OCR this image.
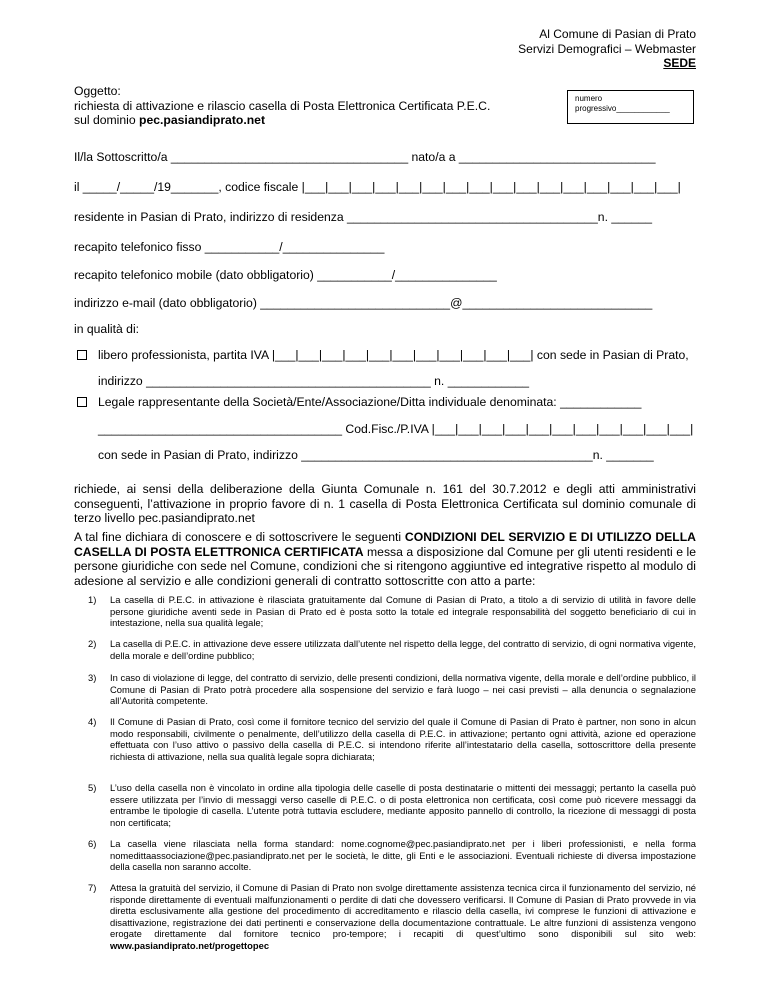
Al Comune di Pasian di Prato
Servizi Demografici – Webmaster
SEDE
Oggetto:
richiesta di attivazione e rilascio casella di Posta Elettronica Certificata P.E.C.
sul dominio pec.pasiandiprato.net
numero
progressivo____________
Il/la Sottoscritto/a ___________________________________ nato/a a _____________________________
il _____/_____/19_______, codice fiscale |___|___|___|___|___|___|___|___|___|___|___|___|___|___|___|___|
residente in Pasian di Prato, indirizzo di residenza _____________________________________n. ______
recapito telefonico fisso ___________/_______________
recapito telefonico mobile (dato obbligatorio) ___________/_______________
indirizzo e-mail (dato obbligatorio) ____________________________@____________________________
in qualità di:
libero professionista, partita IVA |___|___|___|___|___|___|___|___|___|___|___| con sede in Pasian di Prato,
indirizzo __________________________________________ n. ____________
Legale rappresentante della Società/Ente/Associazione/Ditta individuale denominata: ____________
____________________________________ Cod.Fisc./P.IVA |___|___|___|___|___|___|___|___|___|___|___|
con sede in Pasian di Prato, indirizzo ___________________________________________n. _______
richiede, ai sensi della deliberazione della Giunta Comunale n. 161 del 30.7.2012 e degli atti amministrativi conseguenti, l’attivazione in proprio favore di n. 1 casella di Posta Elettronica Certificata sul dominio comunale di terzo livello pec.pasiandiprato.net
A tal fine dichiara di conoscere e di sottoscrivere le seguenti CONDIZIONI DEL SERVIZIO E DI UTILIZZO DELLA CASELLA DI POSTA ELETTRONICA CERTIFICATA messa a disposizione dal Comune per gli utenti residenti e le persone giuridiche con sede nel Comune, condizioni che si ritengono aggiuntive ed integrative rispetto al modulo di adesione al servizio e alle condizioni generali di contratto sottoscritte con atto a parte:
1) La casella di P.E.C. in attivazione è rilasciata gratuitamente dal Comune di Pasian di Prato, a titolo a di servizio di utilità in favore delle persone giuridiche aventi sede in Pasian di Prato ed è posta sotto la totale ed integrale responsabilità del soggetto beneficiario di cui in intestazione, nella sua qualità legale;
2) La casella di P.E.C. in attivazione deve essere utilizzata dall’utente nel rispetto della legge, del contratto di servizio, di ogni normativa vigente, della morale e dell’ordine pubblico;
3) In caso di violazione di legge, del contratto di servizio, delle presenti condizioni, della normativa vigente, della morale e dell’ordine pubblico, il Comune di Pasian di Prato potrà procedere alla sospensione del servizio e farà luogo – nei casi previsti – alla denuncia o segnalazione all’Autorità competente.
4) Il Comune di Pasian di Prato, così come il fornitore tecnico del servizio del quale il Comune di Pasian di Prato è partner, non sono in alcun modo responsabili, civilmente o penalmente, dell’utilizzo della casella di P.E.C. in attivazione; pertanto ogni attività, azione ed operazione effettuata con l’uso attivo o passivo della casella di P.E.C. si intendono riferite all’intestatario della casella, sottoscrittore della presente richiesta di attivazione, nella sua qualità legale sopra dichiarata;
5) L’uso della casella non è vincolato in ordine alla tipologia delle caselle di posta destinatarie o mittenti dei messaggi; pertanto la casella può essere utilizzata per l’invio di messaggi verso caselle di P.E.C. o di posta elettronica non certificata, così come può ricevere messaggi da entrambe le tipologie di casella. L’utente potrà tuttavia escludere, mediante apposito pannello di controllo, la ricezione di messaggi di posta non certificata;
6) La casella viene rilasciata nella forma standard: nome.cognome@pec.pasiandiprato.net per i liberi professionisti, e nella forma nomedittaassociazione@pec.pasiandiprato.net per le società, le ditte, gli Enti e le associazioni. Eventuali richieste di diversa impostazione della casella non saranno accolte.
7) Attesa la gratuità del servizio, il Comune di Pasian di Prato non svolge direttamente assistenza tecnica circa il funzionamento del servizio, né risponde direttamente di eventuali malfunzionamenti o perdite di dati che dovessero verificarsi. Il Comune di Pasian di Prato provvede in via diretta esclusivamente alla gestione del procedimento di accreditamento e rilascio della casella, ivi comprese le funzioni di attivazione e disattivazione, registrazione dei dati pertinenti e conservazione della documentazione contrattuale. Le altre funzioni di assistenza vengono erogate direttamente dal fornitore tecnico pro-tempore; i recapiti di quest’ultimo sono disponibili sul sito web: www.pasiandiprato.net/progettopec
